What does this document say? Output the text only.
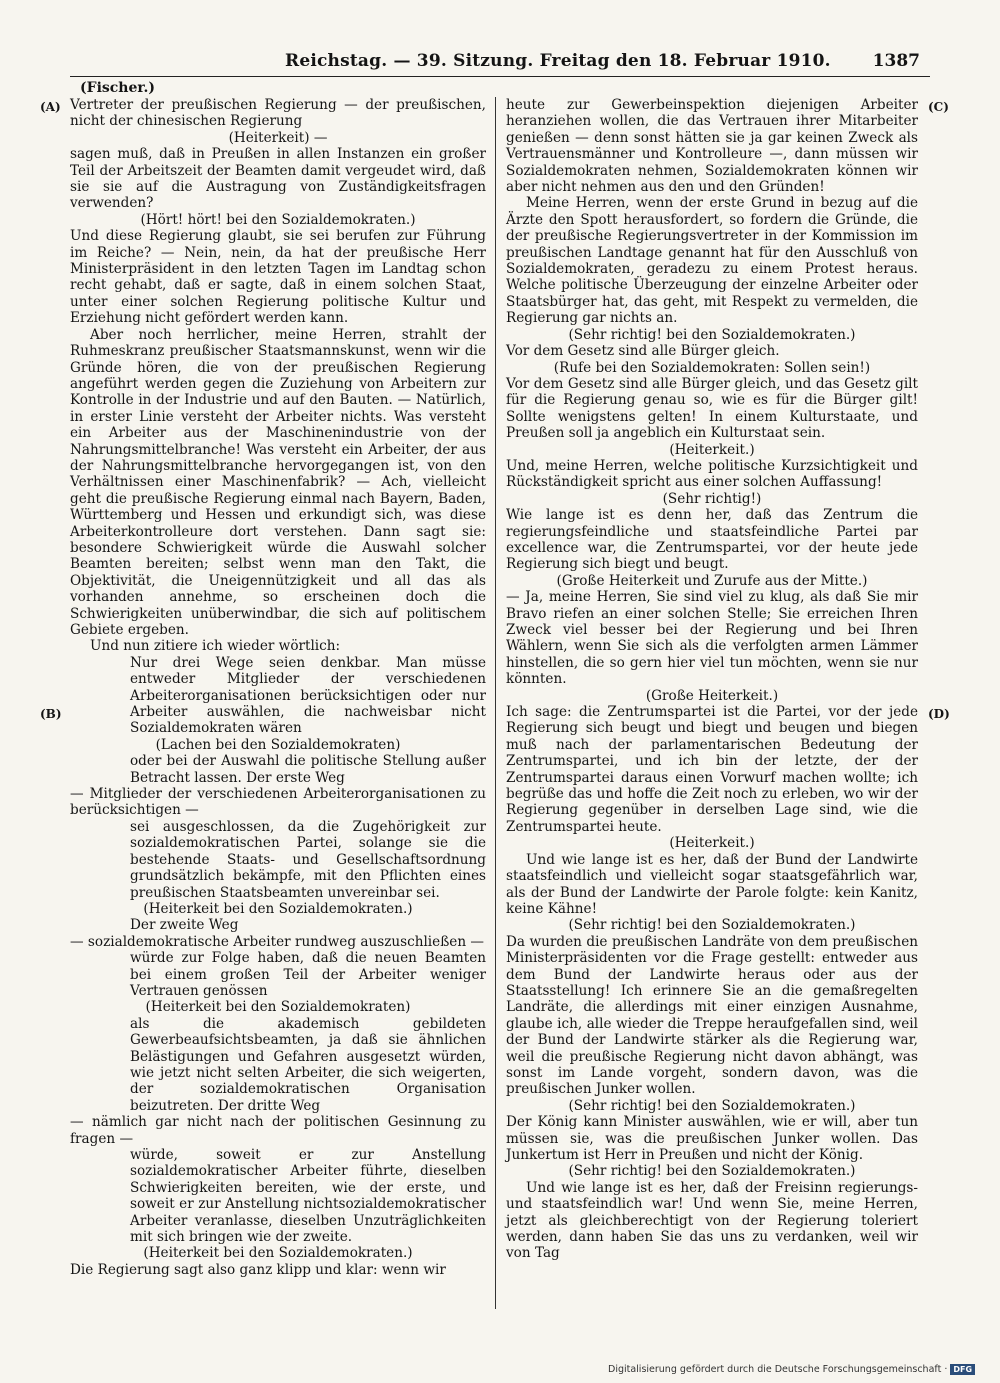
Reichstag. — 39. Sitzung. Freitag den 18. Februar 1910. 1387
(Fischer.)
(A)
(B)
(C)
(D)

Vertreter der preußischen Regierung — der preußischen, nicht der chinesischen Regierung

(Heiterkeit) —

sagen muß, daß in Preußen in allen Instanzen ein großer Teil der Arbeitszeit der Beamten damit vergeudet wird, daß sie sie auf die Austragung von Zuständigkeitsfragen verwenden?

(Hört! hört! bei den Sozialdemokraten.)

Und diese Regierung glaubt, sie sei berufen zur Führung im Reiche? — Nein, nein, da hat der preußische Herr Ministerpräsident in den letzten Tagen im Landtag schon recht gehabt, daß er sagte, daß in einem solchen Staat, unter einer solchen Regierung politische Kultur und Erziehung nicht gefördert werden kann.

Aber noch herrlicher, meine Herren, strahlt der Ruhmeskranz preußischer Staatsmannskunst, wenn wir die Gründe hören, die von der preußischen Regierung angeführt werden gegen die Zuziehung von Arbeitern zur Kontrolle in der Industrie und auf den Bauten. — Natürlich, in erster Linie versteht der Arbeiter nichts. Was versteht ein Arbeiter aus der Maschinenindustrie von der Nahrungsmittelbranche! Was versteht ein Arbeiter, der aus der Nahrungsmittelbranche hervorgegangen ist, von den Verhältnissen einer Maschinenfabrik? — Ach, vielleicht geht die preußische Regierung einmal nach Bayern, Baden, Württemberg und Hessen und erkundigt sich, was diese Arbeiterkontrolleure dort verstehen. Dann sagt sie: besondere Schwierigkeit würde die Auswahl solcher Beamten bereiten; selbst wenn man den Takt, die Objektivität, die Uneigennützigkeit und all das als vorhanden annehme, so erscheinen doch die Schwierigkeiten unüberwindbar, die sich auf politischem Gebiete ergeben.

Und nun zitiere ich wieder wörtlich:

Nur drei Wege seien denkbar. Man müsse entweder Mitglieder der verschiedenen Arbeiterorganisationen berücksichtigen oder nur Arbeiter auswählen, die nachweisbar nicht Sozialdemokraten wären

(Lachen bei den Sozialdemokraten)

oder bei der Auswahl die politische Stellung außer Betracht lassen. Der erste Weg

— Mitglieder der verschiedenen Arbeiterorganisationen zu berücksichtigen —

sei ausgeschlossen, da die Zugehörigkeit zur sozialdemokratischen Partei, solange sie die bestehende Staats- und Gesellschaftsordnung grundsätzlich bekämpfe, mit den Pflichten eines preußischen Staatsbeamten unvereinbar sei.

(Heiterkeit bei den Sozialdemokraten.)

Der zweite Weg

— sozialdemokratische Arbeiter rundweg auszuschließen —

würde zur Folge haben, daß die neuen Beamten bei einem großen Teil der Arbeiter weniger Vertrauen genössen

(Heiterkeit bei den Sozialdemokraten)

als die akademisch gebildeten Gewerbeaufsichtsbeamten, ja daß sie ähnlichen Belästigungen und Gefahren ausgesetzt würden, wie jetzt nicht selten Arbeiter, die sich weigerten, der sozialdemokratischen Organisation beizutreten. Der dritte Weg

— nämlich gar nicht nach der politischen Gesinnung zu fragen —

würde, soweit er zur Anstellung sozialdemokratischer Arbeiter führte, dieselben Schwierigkeiten bereiten, wie der erste, und soweit er zur Anstellung nichtsozialdemokratischer Arbeiter veranlasse, dieselben Unzuträglichkeiten mit sich bringen wie der zweite.

(Heiterkeit bei den Sozialdemokraten.)

Die Regierung sagt also ganz klipp und klar: wenn wir

heute zur Gewerbeinspektion diejenigen Arbeiter heranziehen wollen, die das Vertrauen ihrer Mitarbeiter genießen — denn sonst hätten sie ja gar keinen Zweck als Vertrauensmänner und Kontrolleure —, dann müssen wir Sozialdemokraten nehmen, Sozialdemokraten können wir aber nicht nehmen aus den und den Gründen!

Meine Herren, wenn der erste Grund in bezug auf die Ärzte den Spott herausfordert, so fordern die Gründe, die der preußische Regierungsvertreter in der Kommission im preußischen Landtage genannt hat für den Ausschluß von Sozialdemokraten, geradezu zu einem Protest heraus. Welche politische Überzeugung der einzelne Arbeiter oder Staatsbürger hat, das geht, mit Respekt zu vermelden, die Regierung gar nichts an.

(Sehr richtig! bei den Sozialdemokraten.)

Vor dem Gesetz sind alle Bürger gleich.

(Rufe bei den Sozialdemokraten: Sollen sein!)

Vor dem Gesetz sind alle Bürger gleich, und das Gesetz gilt für die Regierung genau so, wie es für die Bürger gilt! Sollte wenigstens gelten! In einem Kulturstaate, und Preußen soll ja angeblich ein Kulturstaat sein.

(Heiterkeit.)

Und, meine Herren, welche politische Kurzsichtigkeit und Rückständigkeit spricht aus einer solchen Auffassung!

(Sehr richtig!)

Wie lange ist es denn her, daß das Zentrum die regierungsfeindliche und staatsfeindliche Partei par excellence war, die Zentrumspartei, vor der heute jede Regierung sich biegt und beugt.

(Große Heiterkeit und Zurufe aus der Mitte.)

— Ja, meine Herren, Sie sind viel zu klug, als daß Sie mir Bravo riefen an einer solchen Stelle; Sie erreichen Ihren Zweck viel besser bei der Regierung und bei Ihren Wählern, wenn Sie sich als die verfolgten armen Lämmer hinstellen, die so gern hier viel tun möchten, wenn sie nur könnten.

(Große Heiterkeit.)

Ich sage: die Zentrumspartei ist die Partei, vor der jede Regierung sich beugt und biegt und beugen und biegen muß nach der parlamentarischen Bedeutung der Zentrumspartei, und ich bin der letzte, der der Zentrumspartei daraus einen Vorwurf machen wollte; ich begrüße das und hoffe die Zeit noch zu erleben, wo wir der Regierung gegenüber in derselben Lage sind, wie die Zentrumspartei heute.

(Heiterkeit.)

Und wie lange ist es her, daß der Bund der Landwirte staatsfeindlich und vielleicht sogar staatsgefährlich war, als der Bund der Landwirte der Parole folgte: kein Kanitz, keine Kähne!

(Sehr richtig! bei den Sozialdemokraten.)

Da wurden die preußischen Landräte von dem preußischen Ministerpräsidenten vor die Frage gestellt: entweder aus dem Bund der Landwirte heraus oder aus der Staatsstellung! Ich erinnere Sie an die gemaßregelten Landräte, die allerdings mit einer einzigen Ausnahme, glaube ich, alle wieder die Treppe heraufgefallen sind, weil der Bund der Landwirte stärker als die Regierung war, weil die preußische Regierung nicht davon abhängt, was sonst im Lande vorgeht, sondern davon, was die preußischen Junker wollen.

(Sehr richtig! bei den Sozialdemokraten.)

Der König kann Minister auswählen, wie er will, aber tun müssen sie, was die preußischen Junker wollen. Das Junkertum ist Herr in Preußen und nicht der König.

(Sehr richtig! bei den Sozialdemokraten.)

Und wie lange ist es her, daß der Freisinn regierungs- und staatsfeindlich war! Und wenn Sie, meine Herren, jetzt als gleichberechtigt von der Regierung toleriert werden, dann haben Sie das uns zu verdanken, weil wir von Tag

Digitalisierung gefördert durch die Deutsche Forschungsgemeinschaft · DFG
